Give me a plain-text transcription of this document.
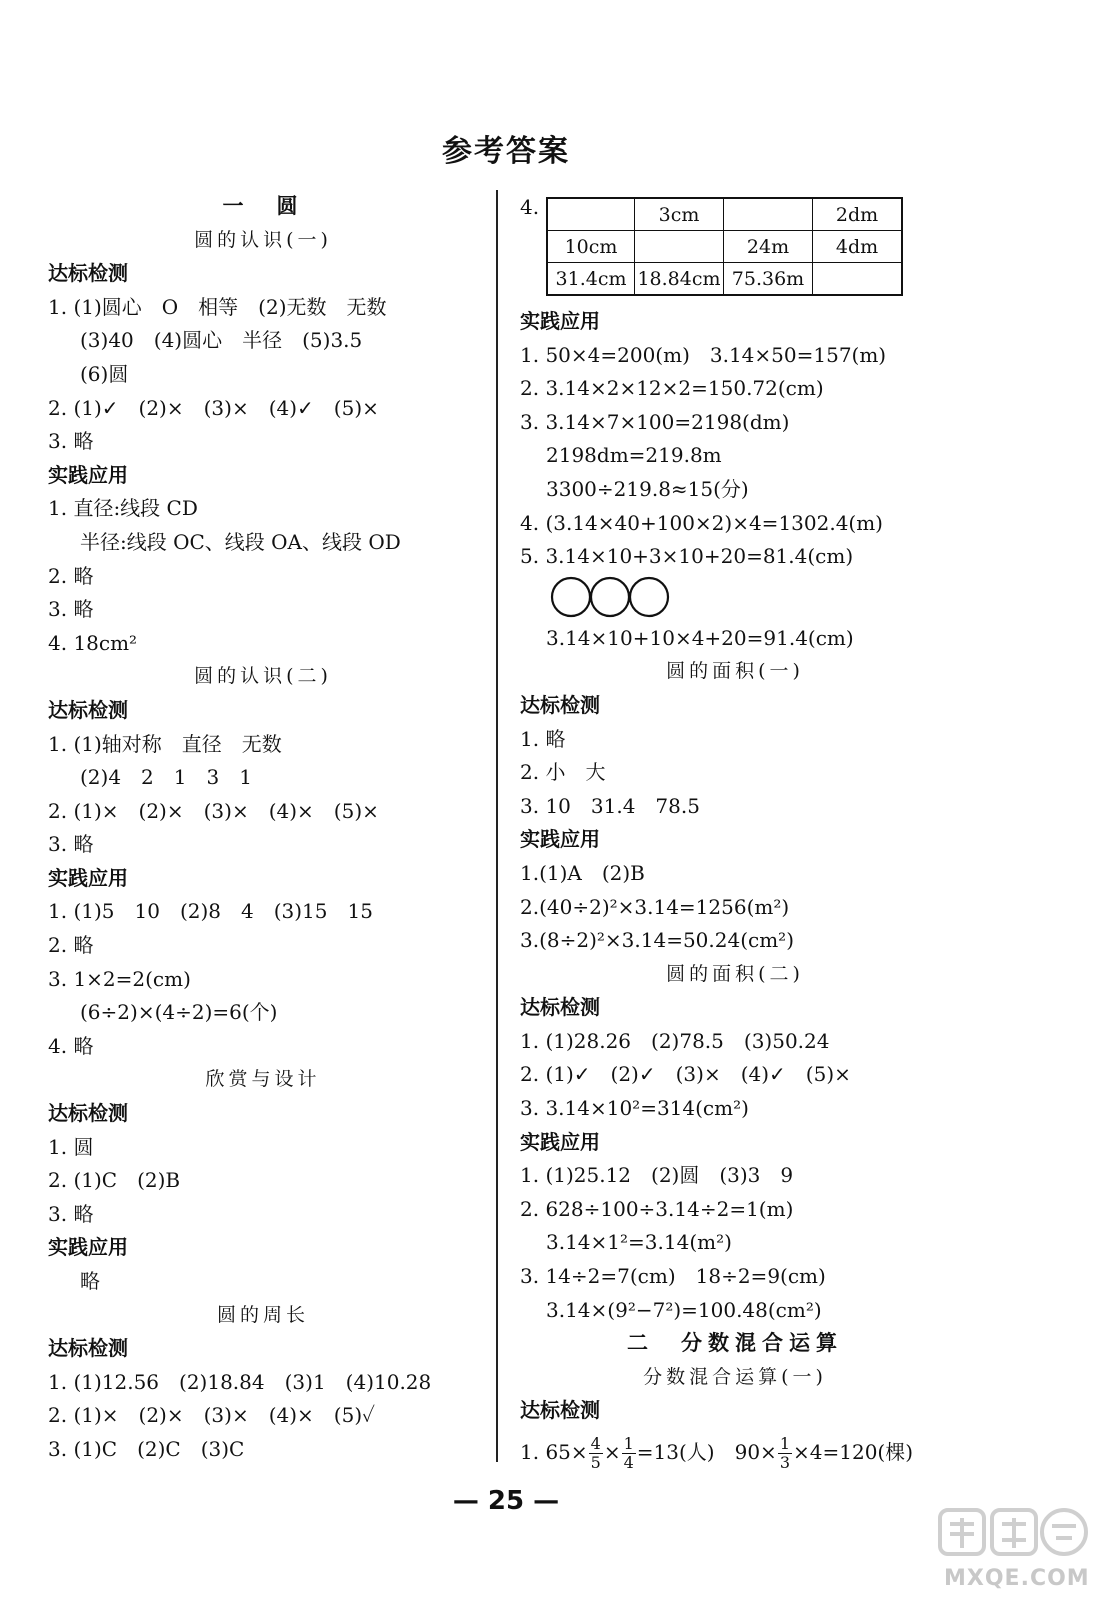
参考答案
一　圆
圆的认识(一)
达标检测
1. (1)圆心　O　相等　(2)无数　无数
(3)40　(4)圆心　半径　(5)3.5
(6)圆
2. (1)✓　(2)×　(3)×　(4)✓　(5)×
3. 略
实践应用
1. 直径:线段 CD
半径:线段 OC、线段 OA、线段 OD
2. 略
3. 略
4. 18cm²
圆的认识(二)
达标检测
1. (1)轴对称　直径　无数
(2)4　2　1　3　1
2. (1)×　(2)×　(3)×　(4)×　(5)×
3. 略
实践应用
1. (1)5　10　(2)8　4　(3)15　15
2. 略
3. 1×2=2(cm)
(6÷2)×(4÷2)=6(个)
4. 略
欣赏与设计
达标检测
1. 圆
2. (1)C　(2)B
3. 略
实践应用
略
圆的周长
达标检测
1. (1)12.56　(2)18.84　(3)1　(4)10.28
2. (1)×　(2)×　(3)×　(4)×　(5)✓
3. (1)C　(2)C　(3)C
4.
		3cm		2dm
10cm		24m	4dm
31.4cm	18.84cm	75.36m	
实践应用
1. 50×4=200(m)　3.14×50=157(m)
2. 3.14×2×12×2=150.72(cm)
3. 3.14×7×100=2198(dm)
2198dm=219.8m
3300÷219.8≈15(分)
4. (3.14×40+100×2)×4=1302.4(m)
5. 3.14×10+3×10+20=81.4(cm)
3.14×10+10×4+20=91.4(cm)
圆的面积(一)
达标检测
1. 略
2. 小　大
3. 10　31.4　78.5
实践应用
1.(1)A　(2)B
2.(40÷2)²×3.14=1256(m²)
3.(8÷2)²×3.14=50.24(cm²)
圆的面积(二)
达标检测
1. (1)28.26　(2)78.5　(3)50.24
2. (1)✓　(2)✓　(3)×　(4)✓　(5)×
3. 3.14×10²=314(cm²)
实践应用
1. (1)25.12　(2)圆　(3)3　9
2. 628÷100÷3.14÷2=1(m)
3.14×1²=3.14(m²)
3. 14÷2=7(cm)　18÷2=9(cm)
3.14×(9²−7²)=100.48(cm²)
二　分数混合运算
分数混合运算(一)
达标检测
1. $65\times \frac{4}{5} \times \frac{1}{4} =13$(人)　$90\times \frac{1}{3} \times 4=120$(棵)
— 25 —
MXQE.COM
